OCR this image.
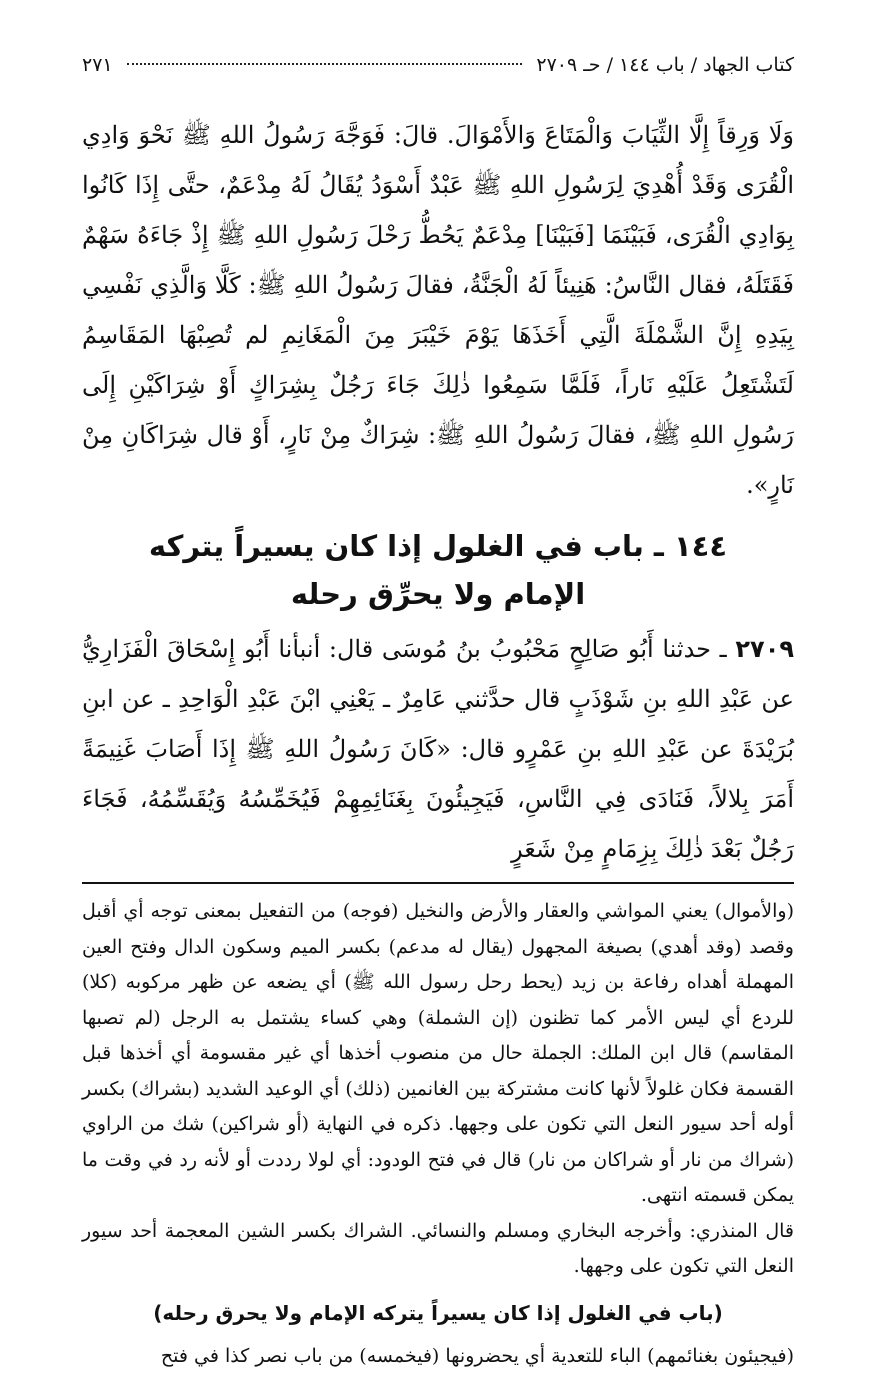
كتاب الجهاد / باب ١٤٤ / حـ ٢٧٠٩
٢٧١
وَلَا وَرِقاً إِلَّا الثِّيَابَ وَالْمَتَاعَ وَالأَمْوَالَ. قالَ: فَوَجَّهَ رَسُولُ اللهِ ﷺ نَحْوَ وَادِي الْقُرَى وَقَدْ أُهْدِيَ لِرَسُولِ اللهِ ﷺ عَبْدٌ أَسْوَدُ يُقَالُ لَهُ مِدْعَمٌ، حتَّى إِذَا كَانُوا بِوَادِي الْقُرَى، فَبَيْنَمَا [فَبَيْنَا] مِدْعَمٌ يَحُطُّ رَحْلَ رَسُولِ اللهِ ﷺ إِذْ جَاءَهُ سَهْمٌ فَقَتَلَهُ، فقال النَّاسُ: هَنِيئاً لَهُ الْجَنَّةُ، فقالَ رَسُولُ اللهِ ﷺ: كَلَّا وَالَّذِي نَفْسِي بِيَدِهِ إِنَّ الشَّمْلَةَ الَّتِي أَخَذَهَا يَوْمَ خَيْبَرَ مِنَ الْمَغَانِمِ لم تُصِبْهَا المَقَاسِمُ لَتَشْتَعِلُ عَلَيْهِ نَاراً، فَلَمَّا سَمِعُوا ذٰلِكَ جَاءَ رَجُلٌ بِشِرَاكٍ أَوْ شِرَاكَيْنِ إِلَى رَسُولِ اللهِ ﷺ، فقالَ رَسُولُ اللهِ ﷺ: شِرَاكٌ مِنْ نَارٍ، أَوْ قال شِرَاكَانِ مِنْ نَارٍ».
١٤٤ ـ باب في الغلول إذا كان يسيراً يتركه
الإمام ولا يحرِّق رحله
٢٧٠٩ ـ حدثنا أَبُو صَالِحٍ مَحْبُوبُ بنُ مُوسَى قال: أنبأنا أَبُو إِسْحَاقَ الْفَزَارِيُّ عن عَبْدِ اللهِ بنِ شَوْذَبٍ قال حدَّثني عَامِرٌ ـ يَعْنِي ابْنَ عَبْدِ الْوَاحِدِ ـ عن ابنِ بُرَيْدَةَ عن عَبْدِ اللهِ بنِ عَمْرٍو قال: «كَانَ رَسُولُ اللهِ ﷺ إِذَا أَصَابَ غَنِيمَةً أَمَرَ بِلالاً، فَنَادَى فِي النَّاسِ، فَيَجِيئُونَ بِغَنَائِمِهِمْ فَيُخَمِّسُهُ وَيُقَسِّمُهُ، فَجَاءَ رَجُلٌ بَعْدَ ذٰلِكَ بِزِمَامٍ مِنْ شَعَرٍ

(والأموال) يعني المواشي والعقار والأرض والنخيل (فوجه) من التفعيل بمعنى توجه أي أقبل وقصد (وقد أهدي) بصيغة المجهول (يقال له مدعم) بكسر الميم وسكون الدال وفتح العين المهملة أهداه رفاعة بن زيد (يحط رحل رسول الله ﷺ) أي يضعه عن ظهر مركوبه (كلا) للردع أي ليس الأمر كما تظنون (إن الشملة) وهي كساء يشتمل به الرجل (لم تصبها المقاسم) قال ابن الملك: الجملة حال من منصوب أخذها أي غير مقسومة أي أخذها قبل القسمة فكان غلولاً لأنها كانت مشتركة بين الغانمين (ذلك) أي الوعيد الشديد (بشراك) بكسر أوله أحد سيور النعل التي تكون على وجهها. ذكره في النهاية (أو شراكين) شك من الراوي (شراك من نار أو شراكان من نار) قال في فتح الودود: أي لولا رددت أو لأنه رد في وقت ما يمكن قسمته انتهى.

قال المنذري: وأخرجه البخاري ومسلم والنسائي. الشراك بكسر الشين المعجمة أحد سيور النعل التي تكون على وجهها.

(باب في الغلول إذا كان يسيراً يتركه الإمام ولا يحرق رحله)

(فيجيئون بغنائمهم) الباء للتعدية أي يحضرونها (فيخمسه) من باب نصر كذا في فتح
